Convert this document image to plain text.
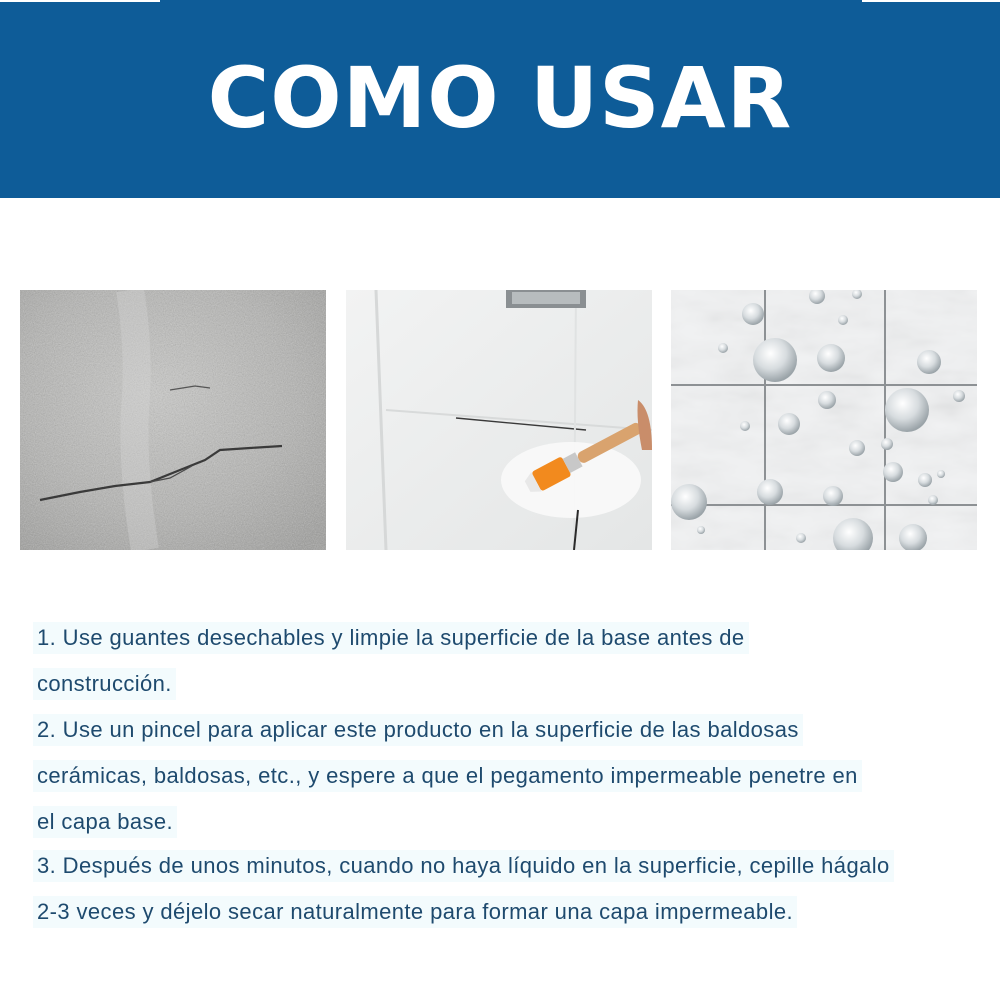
COMO USAR
1. Use guantes desechables y limpie la superficie de la base antes de
construcción.
2. Use un pincel para aplicar este producto en la superficie de las baldosas
cerámicas, baldosas, etc., y espere a que el pegamento impermeable penetre en
el capa base.
3. Después de unos minutos, cuando no haya líquido en la superficie, cepille hágalo
2-3 veces y déjelo secar naturalmente para formar una capa impermeable.
